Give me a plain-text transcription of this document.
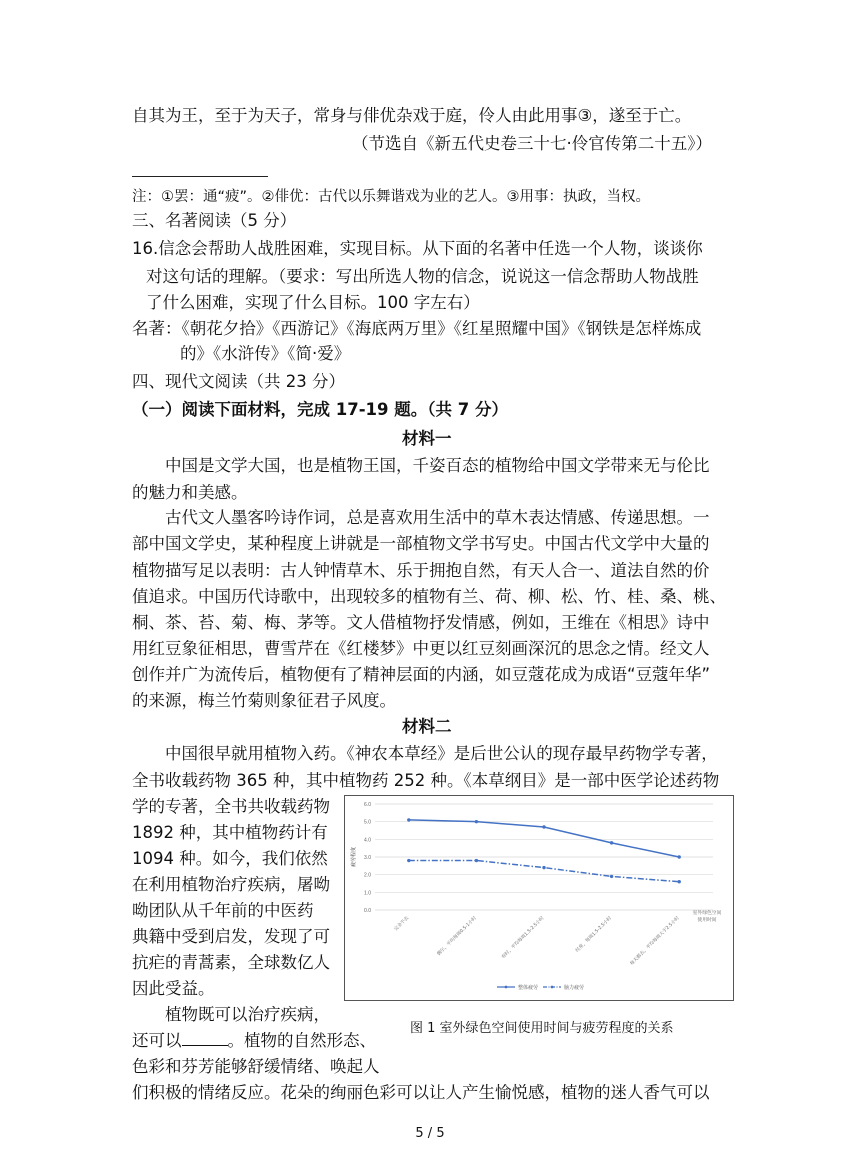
自其为王，至于为天子，常身与俳优杂戏于庭，伶人由此用事③，遂至于亡。
（节选自《新五代史卷三十七·伶官传第二十五》）
注：①罢：通“疲”。②俳优：古代以乐舞谐戏为业的艺人。③用事：执政，当权。
三、名著阅读（5 分）
16.信念会帮助人战胜困难，实现目标。从下面的名著中任选一个人物，谈谈你
对这句话的理解。（要求：写出所选人物的信念，说说这一信念帮助人物战胜
了什么困难，实现了什么目标。100 字左右）
名著：《朝花夕拾》《西游记》《海底两万里》《红星照耀中国》《钢铁是怎样炼成
的》《水浒传》《简·爱》
四、现代文阅读（共 23 分）
（一）阅读下面材料，完成 17-19 题。（共 7 分）
材料一
中国是文学大国，也是植物王国，千姿百态的植物给中国文学带来无与伦比
的魅力和美感。
古代文人墨客吟诗作词，总是喜欢用生活中的草木表达情感、传递思想。一
部中国文学史，某种程度上讲就是一部植物文学书写史。中国古代文学中大量的
植物描写足以表明：古人钟情草木、乐于拥抱自然，有天人合一、道法自然的价
值追求。中国历代诗歌中，出现较多的植物有兰、荷、柳、松、竹、桂、桑、桃、
桐、茶、苔、菊、梅、茅等。文人借植物抒发情感，例如，王维在《相思》诗中
用红豆象征相思，曹雪芹在《红楼梦》中更以红豆刻画深沉的思念之情。经文人
创作并广为流传后，植物便有了精神层面的内涵，如豆蔻花成为成语“豆蔻年华”
的来源，梅兰竹菊则象征君子风度。
材料二
中国很早就用植物入药。《神农本草经》是后世公认的现存最早药物学专著，
全书收载药物 365 种，其中植物药 252 种。《本草纲目》是一部中医学论述药物
学的专著，全书共收载药物
1892 种，其中植物药计有
1094 种。如今，我们依然
在利用植物治疗疾病，屠呦
呦团队从千年前的中医药
典籍中受到启发，发现了可
抗疟的青蒿素，全球数亿人
因此受益。
植物既可以治疗疾病，
还可以	。植物的自然形态、
色彩和芬芳能够舒缓情绪、唤起人
们积极的情绪反应。花朵的绚丽色彩可以让人产生愉悦感，植物的迷人香气可以
0.0
1.0
2.0
3.0
4.0
5.0
6.0
疲劳程度
完全不去	偶尔，平均每周0.5-1小时	有时，平均每周1.5-2.5小时	经常，每周1.5-2.5小时	每天都去，平均每周大于2.5小时
室外绿色空间
使用时间
整体疲劳	脑力疲劳
图 1 室外绿色空间使用时间与疲劳程度的关系
5 / 5
